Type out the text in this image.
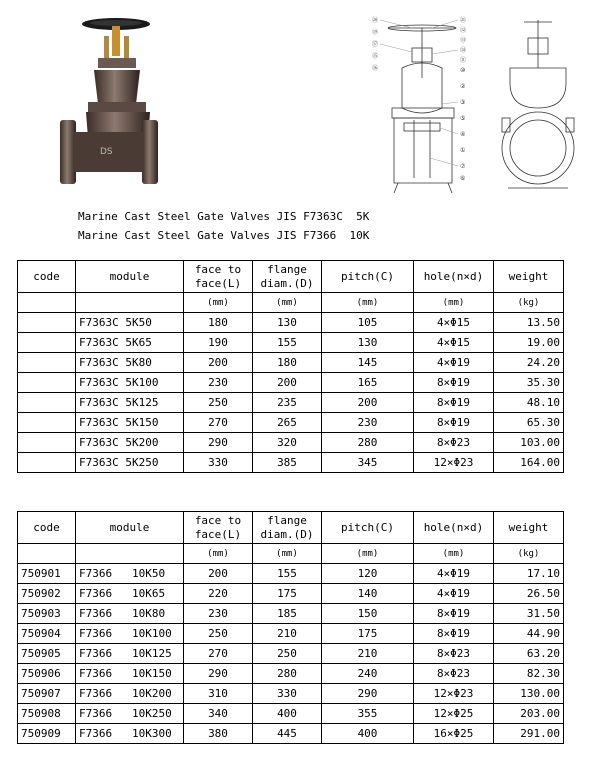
DS
⑳
⑲
⑰
⑮
⑯
㉑
⑫
⑬
⑭
⑪
⑩
②
③
⑤
④
①
⑦
⑥
Marine Cast Steel Gate Valves JIS F7363C  5K
Marine Cast Steel Gate Valves JIS F7366  10K
code	module	face to face(L)	flange diam.(D)	pitch(C)	hole(n×d)	weight
		(mm)	(mm)	(mm)	(mm)	(kg)
	F7363C 5K50	180	130	105	4×Φ15	13.50
	F7363C 5K65	190	155	130	4×Φ15	19.00
	F7363C 5K80	200	180	145	4×Φ19	24.20
	F7363C 5K100	230	200	165	8×Φ19	35.30
	F7363C 5K125	250	235	200	8×Φ19	48.10
	F7363C 5K150	270	265	230	8×Φ19	65.30
	F7363C 5K200	290	320	280	8×Φ23	103.00
	F7363C 5K250	330	385	345	12×Φ23	164.00
code	module	face to face(L)	flange diam.(D)	pitch(C)	hole(n×d)	weight
		(mm)	(mm)	(mm)	(mm)	(kg)
750901	F7366   10K50	200	155	120	4×Φ19	17.10
750902	F7366   10K65	220	175	140	4×Φ19	26.50
750903	F7366   10K80	230	185	150	8×Φ19	31.50
750904	F7366   10K100	250	210	175	8×Φ19	44.90
750905	F7366   10K125	270	250	210	8×Φ23	63.20
750906	F7366   10K150	290	280	240	8×Φ23	82.30
750907	F7366   10K200	310	330	290	12×Φ23	130.00
750908	F7366   10K250	340	400	355	12×Φ25	203.00
750909	F7366   10K300	380	445	400	16×Φ25	291.00
